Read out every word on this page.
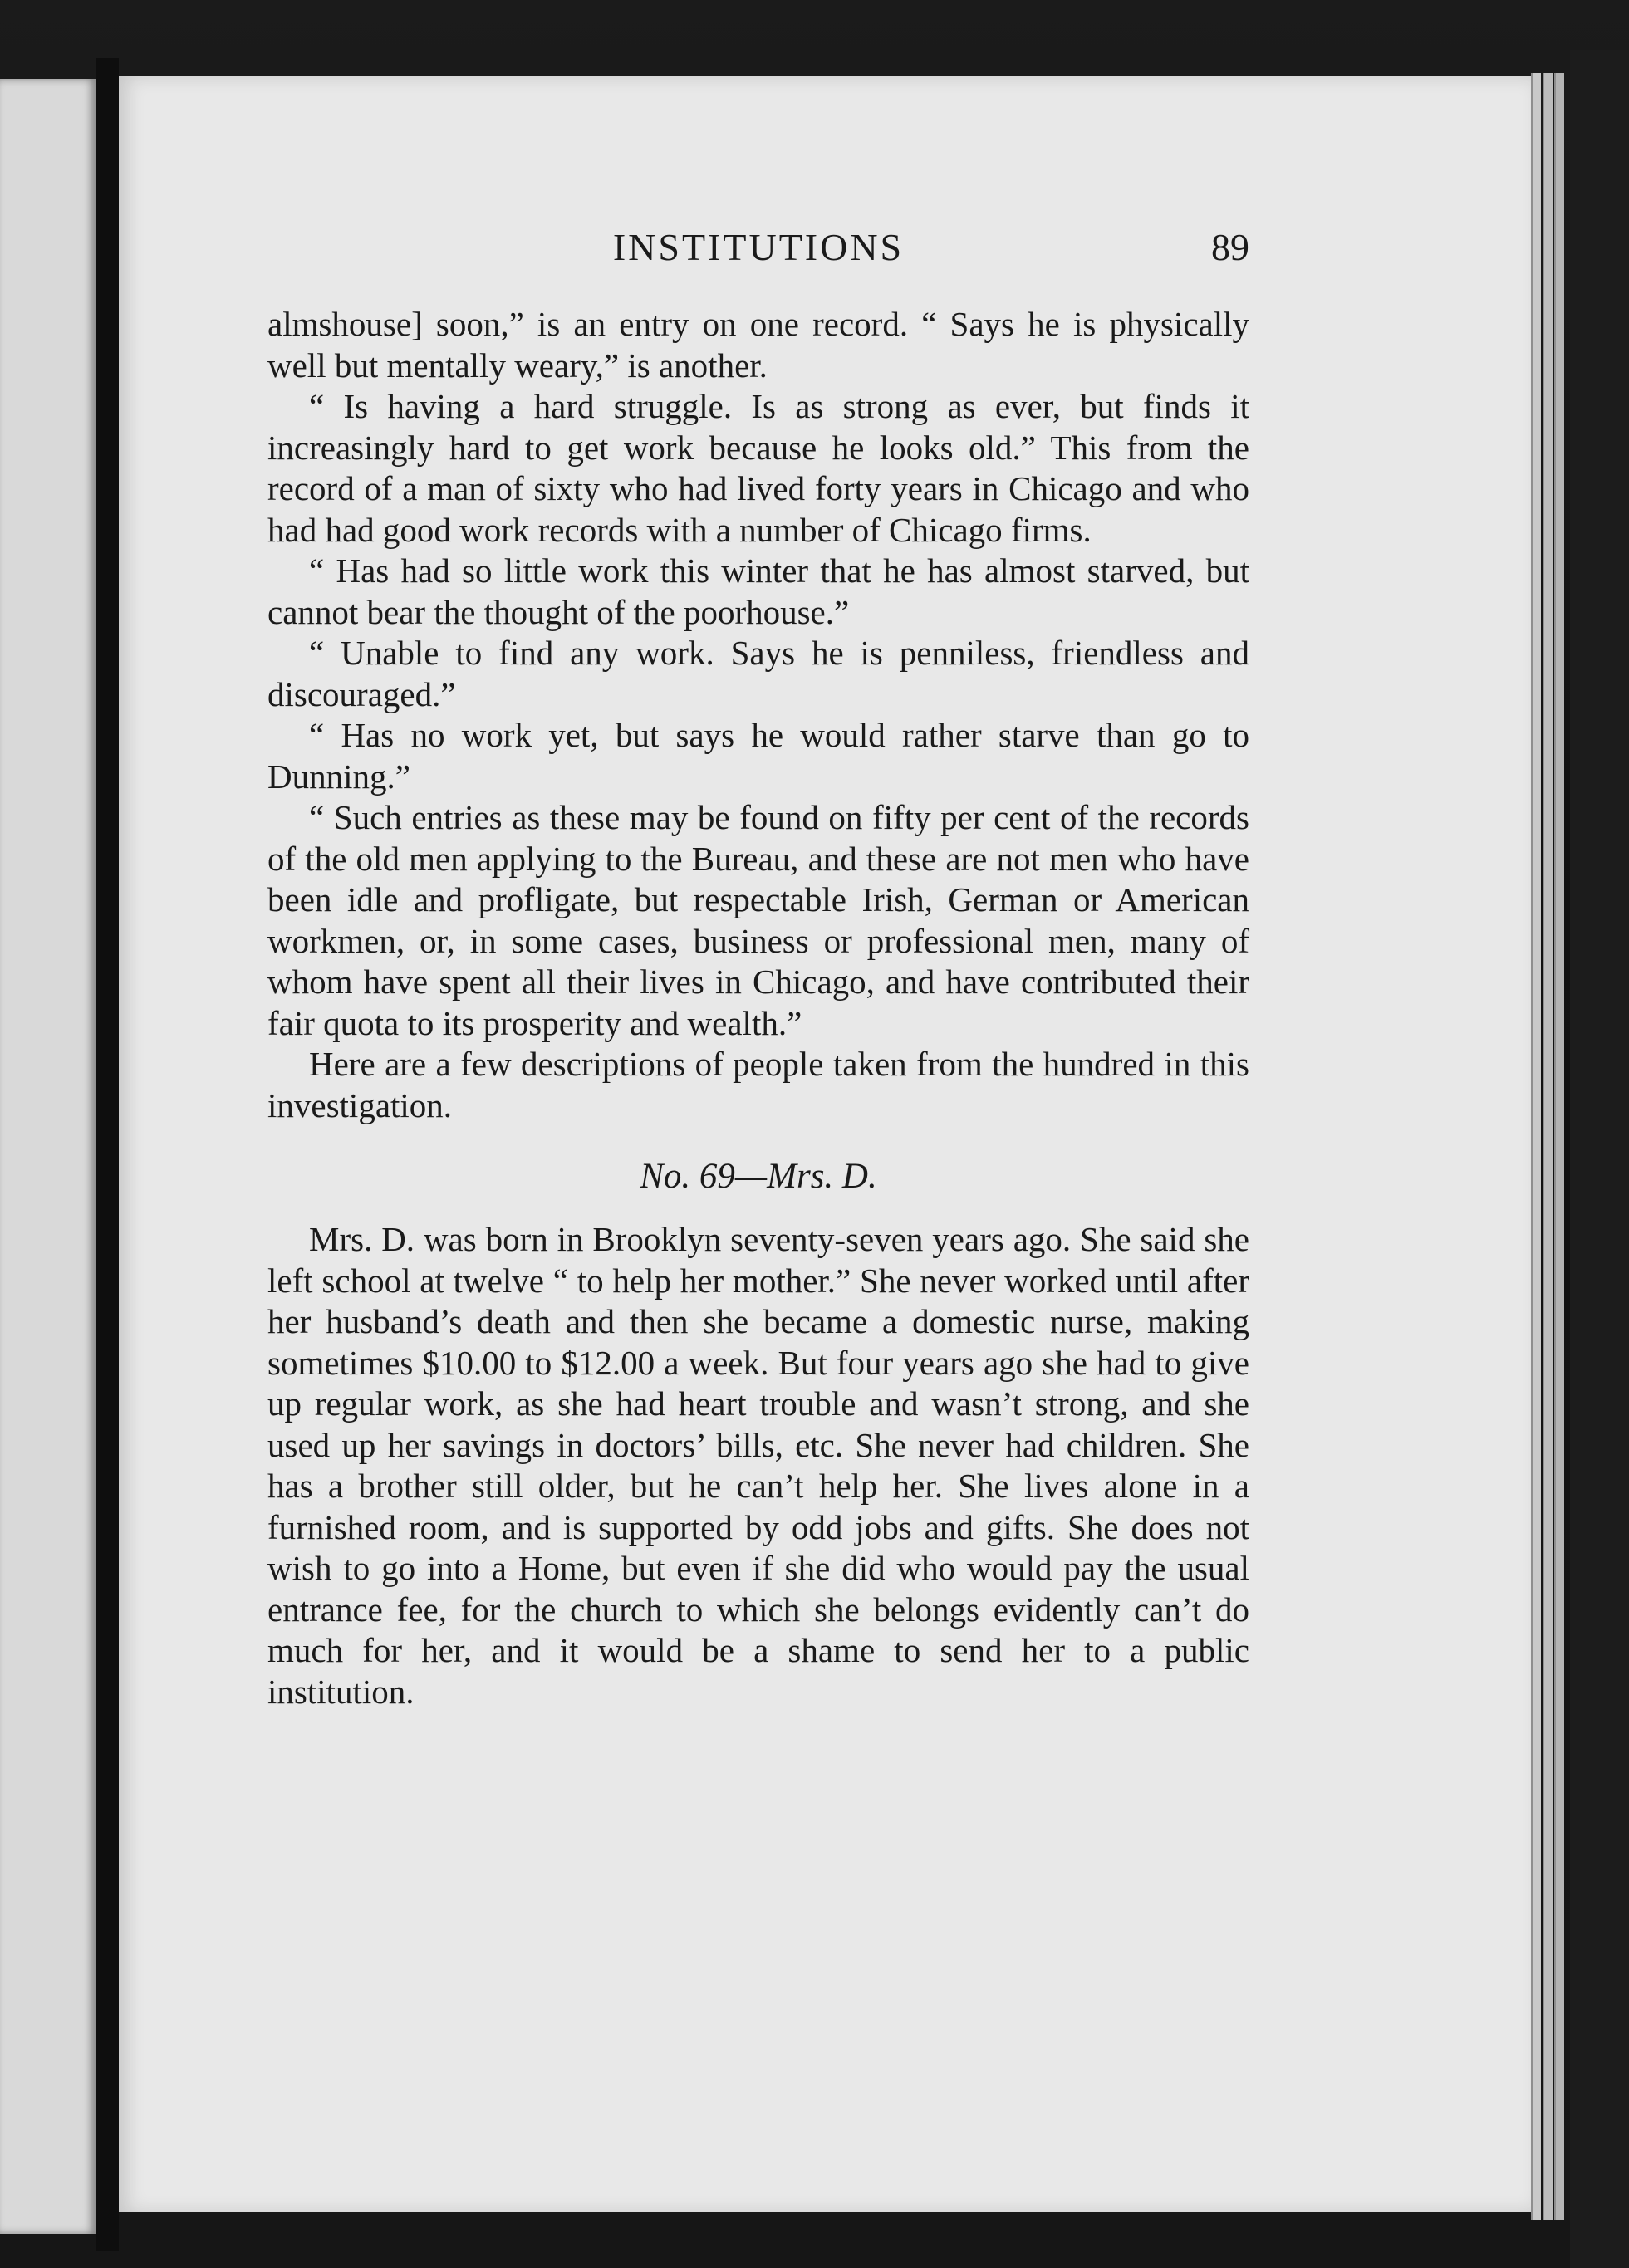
INSTITUTIONS	89

almshouse] soon,” is an entry on one record. “ Says he is physically well but mentally weary,” is another.

“ Is having a hard struggle. Is as strong as ever, but finds it increasingly hard to get work because he looks old.” This from the record of a man of sixty who had lived forty years in Chicago and who had had good work records with a number of Chicago firms.

“ Has had so little work this winter that he has almost starved, but cannot bear the thought of the poorhouse.”

“ Unable to find any work. Says he is penniless, friendless and discouraged.”

“ Has no work yet, but says he would rather starve than go to Dunning.”

“ Such entries as these may be found on fifty per cent of the records of the old men applying to the Bureau, and these are not men who have been idle and profligate, but respectable Irish, German or American workmen, or, in some cases, business or professional men, many of whom have spent all their lives in Chicago, and have contributed their fair quota to its prosperity and wealth.”

Here are a few descriptions of people taken from the hundred in this investigation.

No. 69—Mrs. D.

Mrs. D. was born in Brooklyn seventy-seven years ago. She said she left school at twelve “ to help her mother.” She never worked until after her husband’s death and then she became a domestic nurse, making sometimes $10.00 to $12.00 a week. But four years ago she had to give up regular work, as she had heart trouble and wasn’t strong, and she used up her savings in doctors’ bills, etc. She never had children. She has a brother still older, but he can’t help her. She lives alone in a furnished room, and is supported by odd jobs and gifts. She does not wish to go into a Home, but even if she did who would pay the usual entrance fee, for the church to which she belongs evidently can’t do much for her, and it would be a shame to send her to a public institution.
